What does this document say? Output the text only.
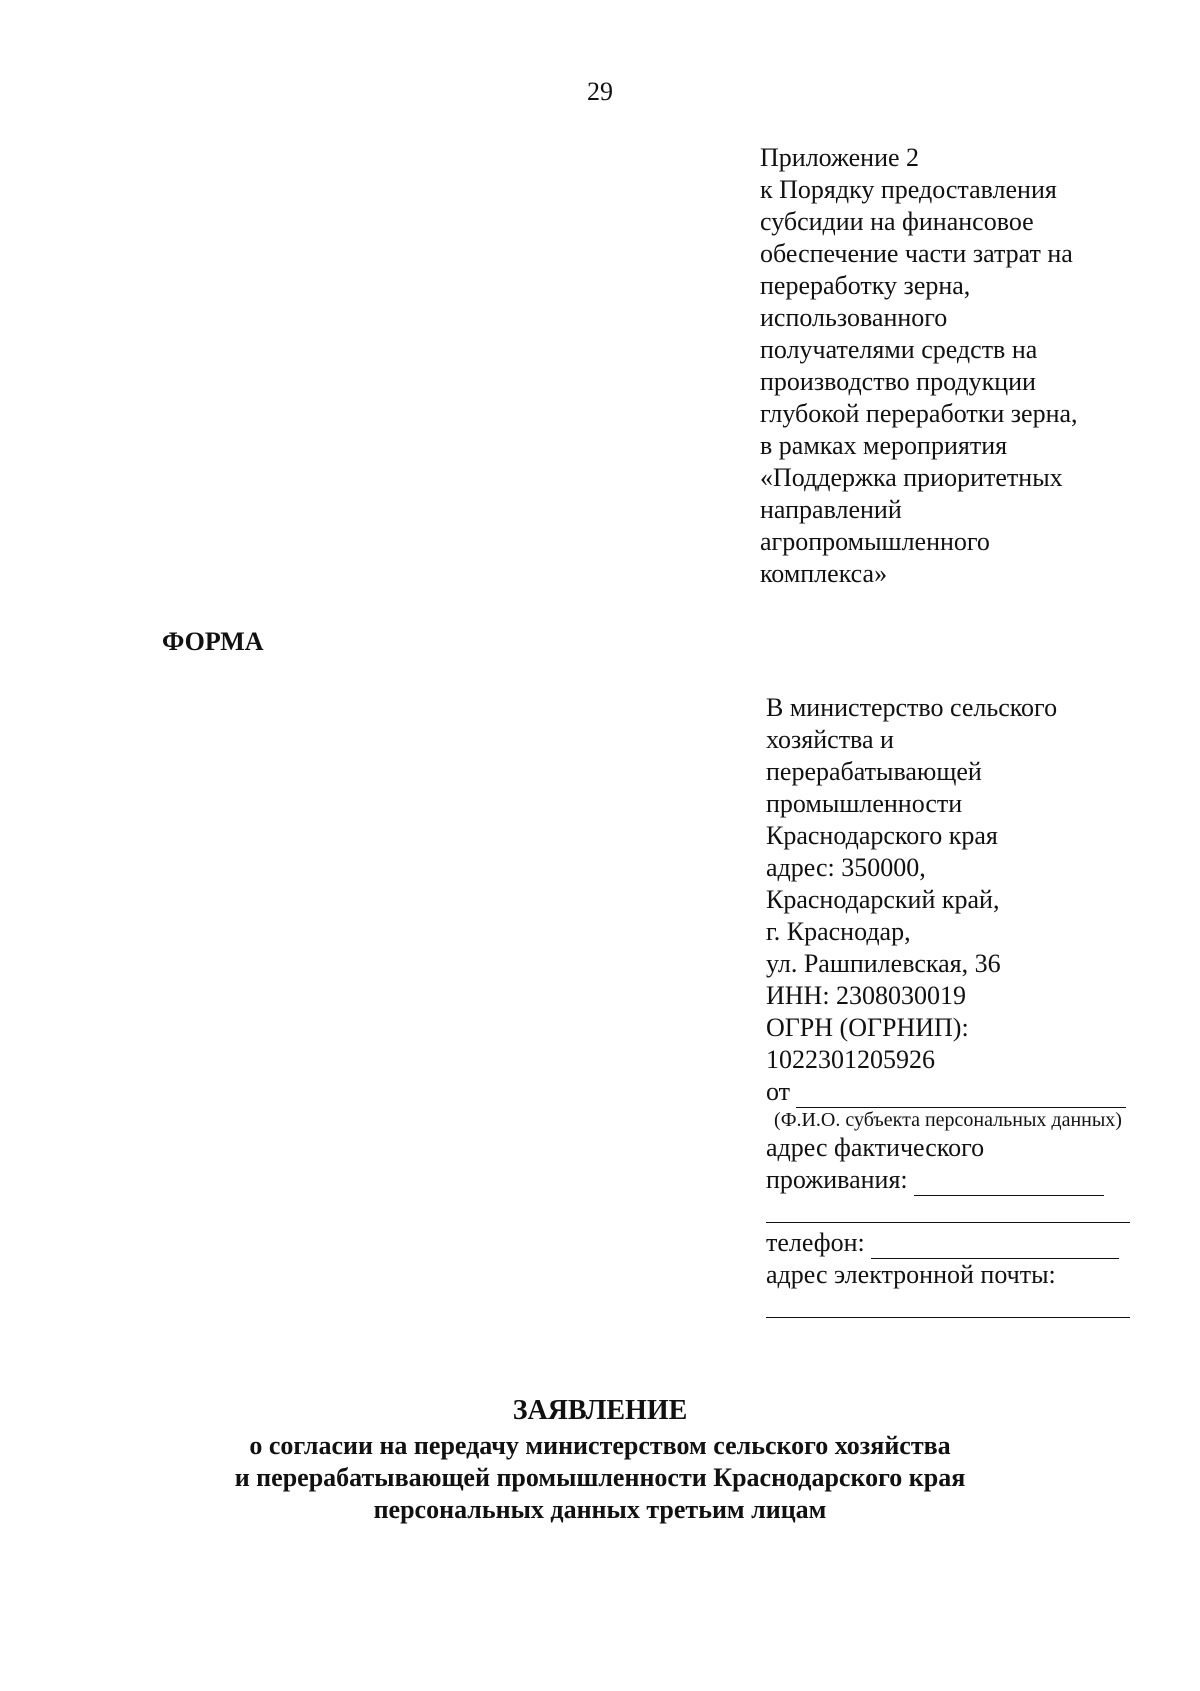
29
Приложение 2
к Порядку предоставления
субсидии на финансовое
обеспечение части затрат на
переработку зерна,
использованного
получателями средств на
производство продукции
глубокой переработки зерна,
в рамках мероприятия
«Поддержка приоритетных
направлений
агропромышленного
комплекса»
ФОРМА
В министерство сельского
хозяйства и
перерабатывающей
промышленности
Краснодарского края
адрес: 350000,
Краснодарский край,
г. Краснодар,
ул. Рашпилевская, 36
ИНН: 2308030019
ОГРН (ОГРНИП):
1022301205926
от
(Ф.И.О. субъекта персональных данных)
адрес фактического
проживания:
телефон:
адрес электронной почты:
ЗАЯВЛЕНИЕ
о согласии на передачу министерством сельского хозяйства
и перерабатывающей промышленности Краснодарского края
персональных данных третьим лицам
